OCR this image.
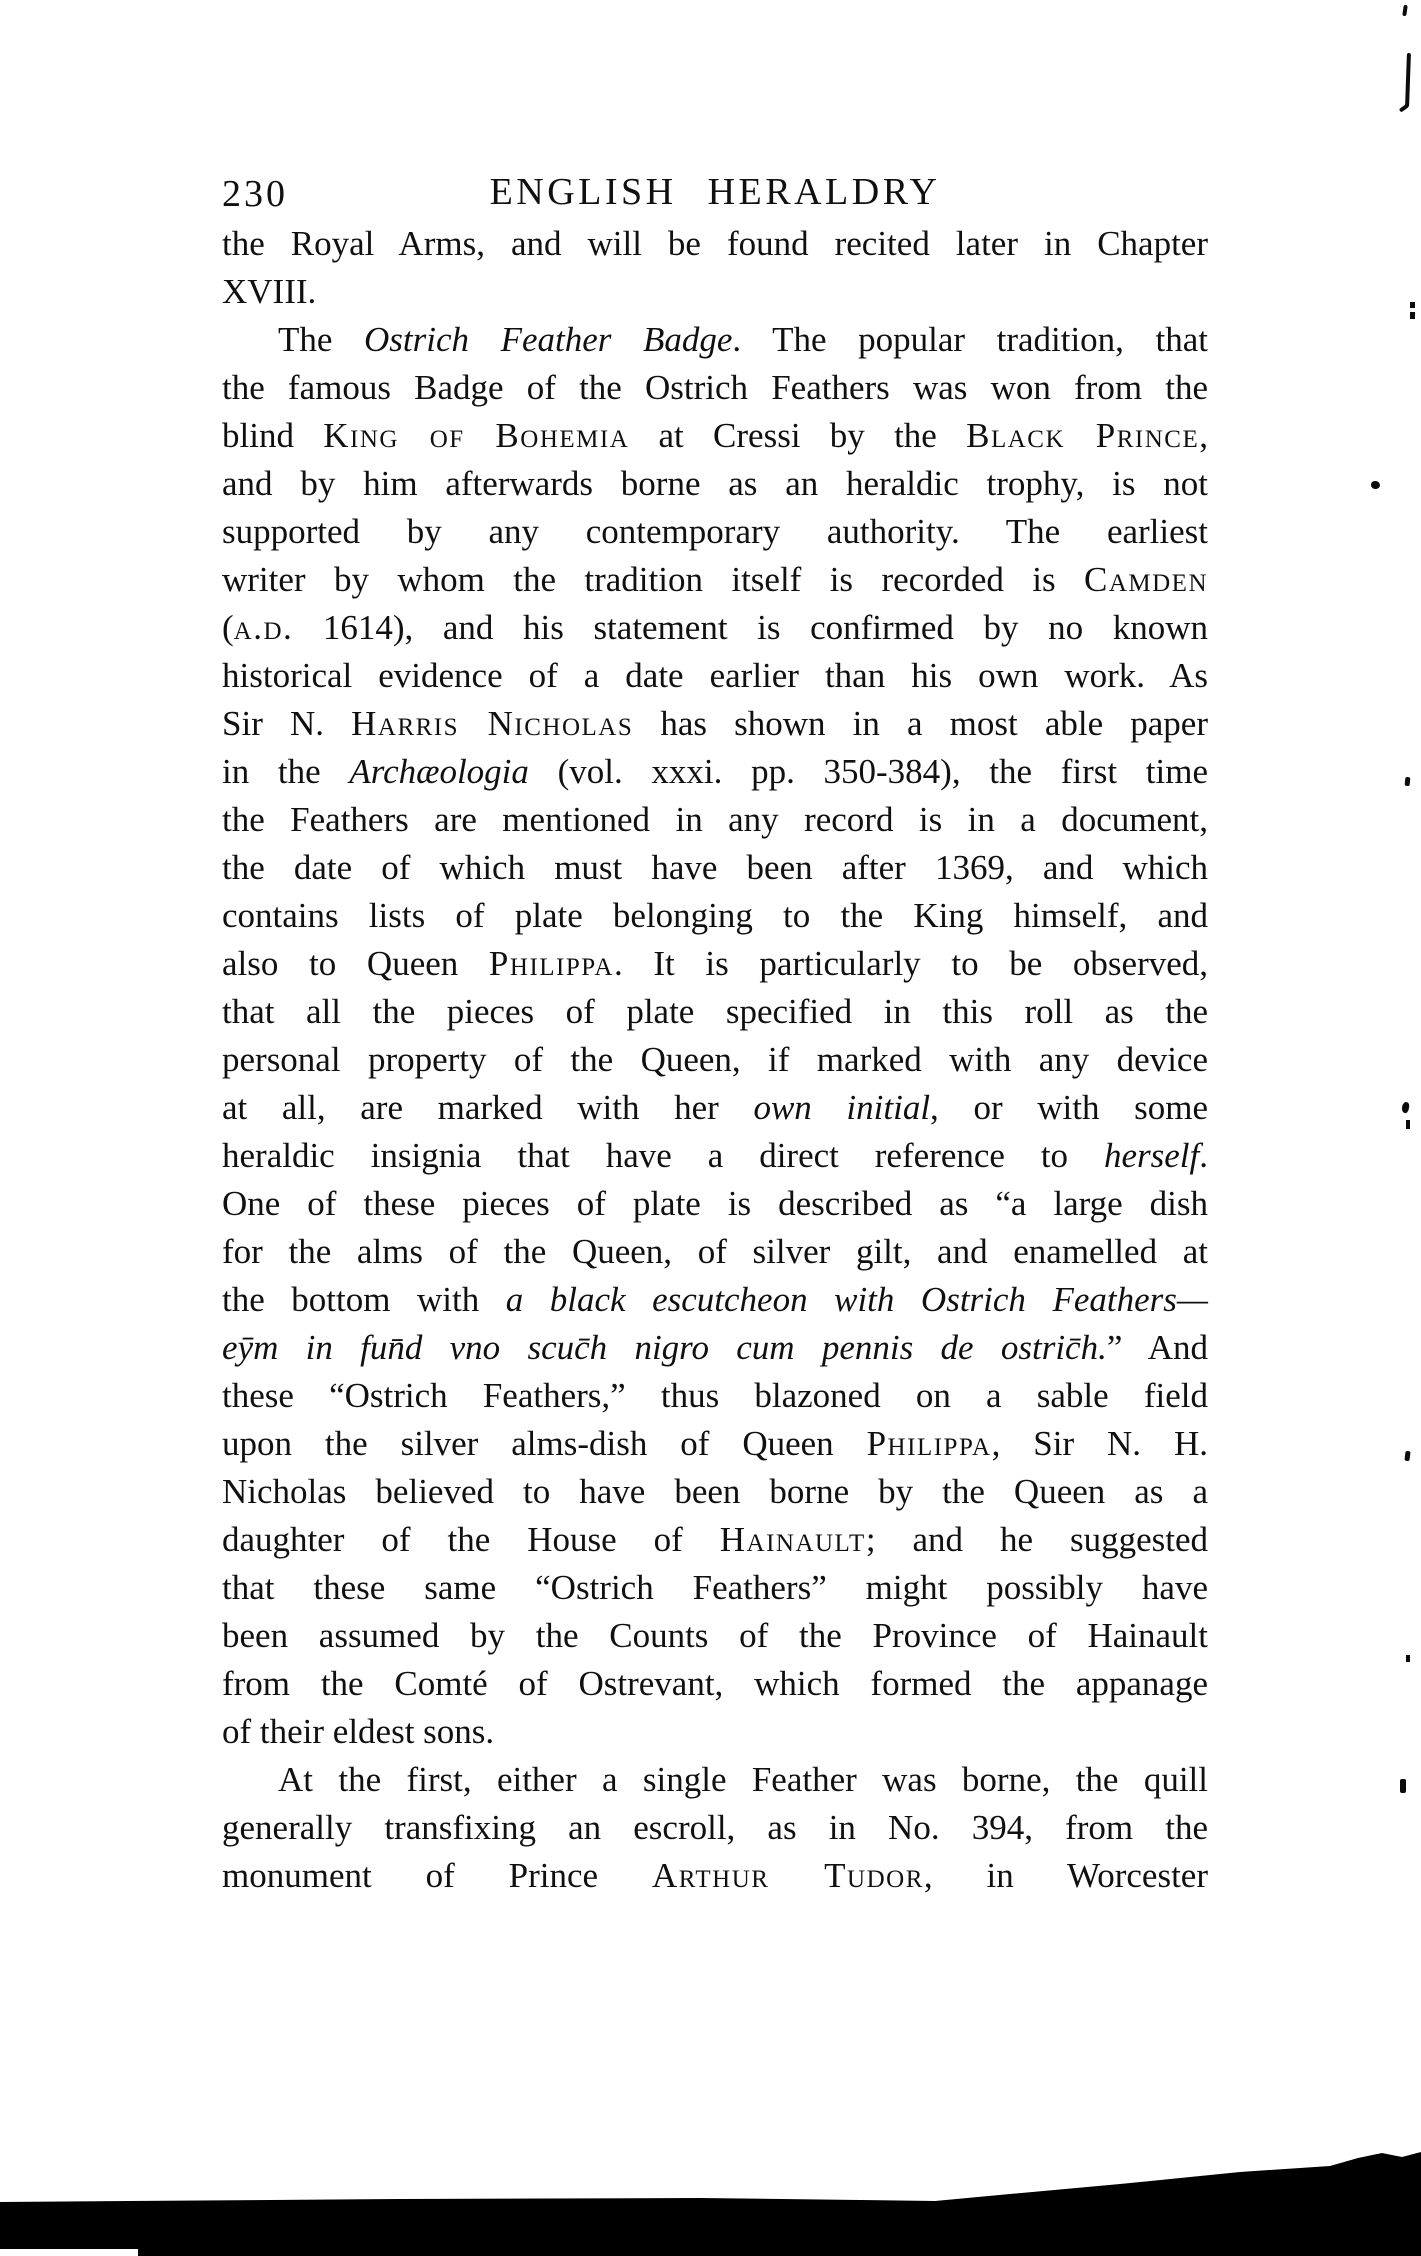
230	ENGLISH HERALDRY
the Royal Arms, and will be found recited later in Chapter
XVIII.
The Ostrich Feather Badge. The popular tradition, that
the famous Badge of the Ostrich Feathers was won from the
blind King of Bohemia at Cressi by the Black Prince,
and by him afterwards borne as an heraldic trophy, is not
supported by any contemporary authority. The earliest
writer by whom the tradition itself is recorded is Camden
(a.d. 1614), and his statement is confirmed by no known
historical evidence of a date earlier than his own work. As
Sir N. Harris Nicholas has shown in a most able paper
in the Archæologia (vol. xxxi. pp. 350-384), the first time
the Feathers are mentioned in any record is in a document,
the date of which must have been after 1369, and which
contains lists of plate belonging to the King himself, and
also to Queen Philippa. It is particularly to be observed,
that all the pieces of plate specified in this roll as the
personal property of the Queen, if marked with any device
at all, are marked with her own initial, or with some
heraldic insignia that have a direct reference to herself.
One of these pieces of plate is described as “a large dish
for the alms of the Queen, of silver gilt, and enamelled at
the bottom with a black escutcheon with Ostrich Feathers—
eȳm in fun̄d vno scuc̄h nigro cum pennis de ostric̄h.” And
these “Ostrich Feathers,” thus blazoned on a sable field
upon the silver alms-dish of Queen Philippa, Sir N. H.
Nicholas believed to have been borne by the Queen as a
daughter of the House of Hainault; and he suggested
that these same “Ostrich Feathers” might possibly have
been assumed by the Counts of the Province of Hainault
from the Comté of Ostrevant, which formed the appanage
of their eldest sons.
At the first, either a single Feather was borne, the quill
generally transfixing an escroll, as in No. 394, from the
monument of Prince Arthur Tudor, in Worcester
